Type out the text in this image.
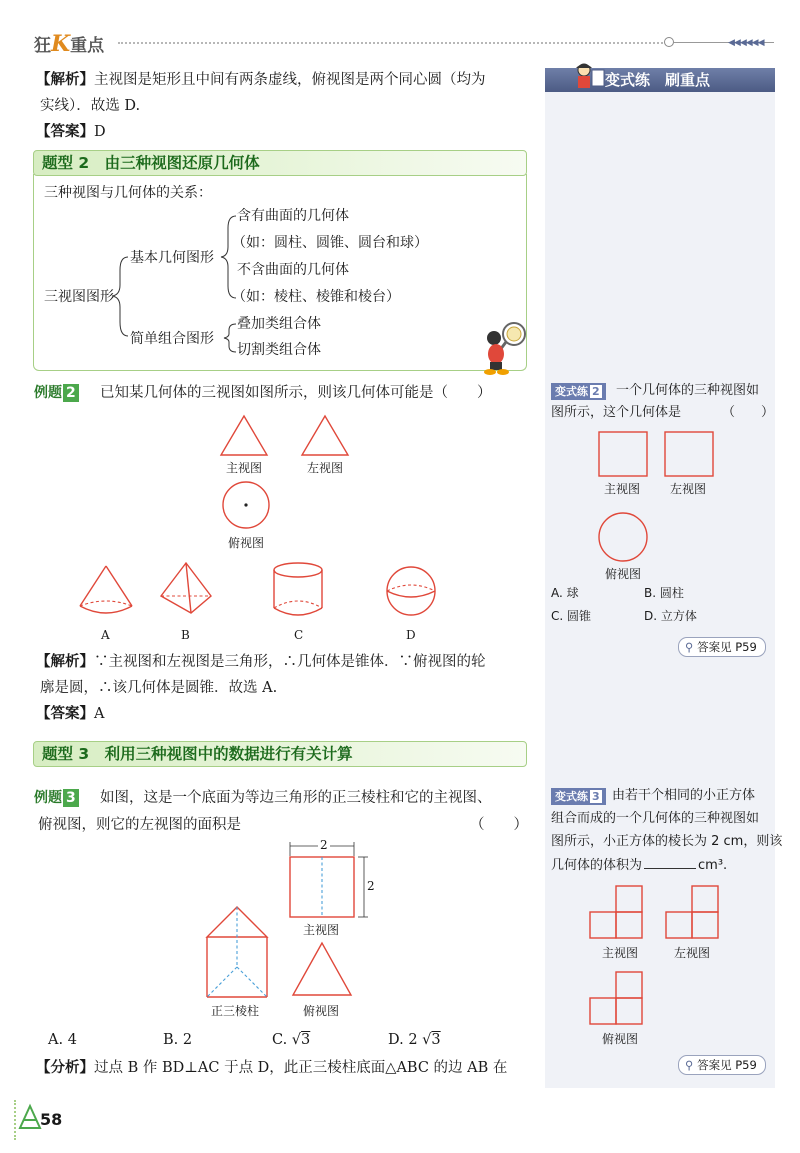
狂K重点	◀◀◀◀◀◀
【解析】主视图是矩形且中间有两条虚线，俯视图是两个同心圆（均为
实线）．故选 D.
【答案】D
题型 2　由三种视图还原几何体
三种视图与几何体的关系：
三视图图形
基本几何图形
简单组合图形
含有曲面的几何体
（如：圆柱、圆锥、圆台和球）
不含曲面的几何体
（如：棱柱、棱锥和棱台）
叠加类组合体
切割类组合体
例题 2 已知某几何体的三视图如图所示，则该几何体可能是（　　）
主视图	左视图
俯视图
A	B	C	D
【解析】∵主视图和左视图是三角形，∴几何体是锥体．∵俯视图的轮
廓是圆，∴该几何体是圆锥．故选 A.
【答案】A
题型 3　利用三种视图中的数据进行有关计算
例题 3 如图，这是一个底面为等边三角形的正三棱柱和它的主视图、
俯视图，则它的左视图的面积是	（　　）
2
2
主视图
正三棱柱	俯视图
A. 4	B. 2	C. √3	D. 2 √3
【分析】过点 B 作 BD⊥AC 于点 D，此正三棱柱底面△ABC 的边 AB 在
变式练　刷重点
变式练 2	一个几何体的三种视图如
图所示，这个几何体是	（　　）
主视图 左视图
俯视图
A. 球	B. 圆柱
C. 圆锥	D. 立方体
⚲ 答案见 P59
变式练 3 由若干个相同的小正方体
组合而成的一个几何体的三种视图如
图所示，小正方体的棱长为 2 cm，则该
几何体的体积为	cm³.
主视图	左视图
俯视图
⚲ 答案见 P59
58
